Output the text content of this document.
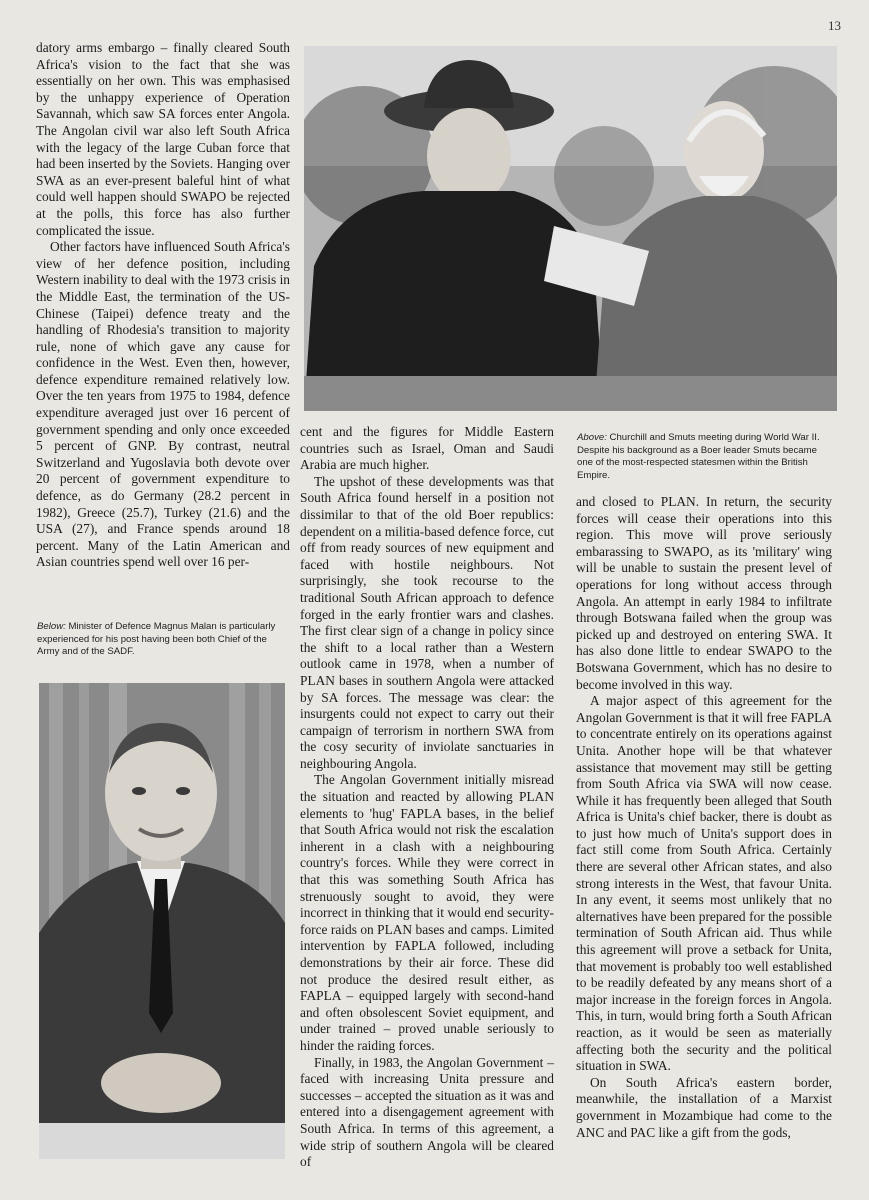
13

datory arms embargo – finally cleared South Africa's vision to the fact that she was essentially on her own. This was emphasised by the unhappy experience of Operation Savannah, which saw SA forces enter Angola. The Angolan civil war also left South Africa with the legacy of the large Cuban force that had been inserted by the Soviets. Hanging over SWA as an ever-present baleful hint of what could well happen should SWAPO be rejected at the polls, this force has also further complicated the issue.

Other factors have influenced South Africa's view of her defence position, including Western inability to deal with the 1973 crisis in the Middle East, the termination of the US-Chinese (Taipei) defence treaty and the handling of Rhodesia's transition to majority rule, none of which gave any cause for confidence in the West. Even then, however, defence expenditure remained relatively low. Over the ten years from 1975 to 1984, defence expenditure averaged just over 16 percent of government spending and only once exceeded 5 percent of GNP. By contrast, neutral Switzerland and Yugoslavia both devote over 20 percent of government expenditure to defence, as do Germany (28.2 percent in 1982), Greece (25.7), Turkey (21.6) and the USA (27), and France spends around 18 percent. Many of the Latin American and Asian countries spend well over 16 per-

Below: Minister of Defence Magnus Malan is particularly experienced for his post having been both Chief of the Army and of the SADF.
Above: Churchill and Smuts meeting during World War II. Despite his background as a Boer leader Smuts became one of the most-respected statesmen within the British Empire.

cent and the figures for Middle Eastern countries such as Israel, Oman and Saudi Arabia are much higher.

The upshot of these developments was that South Africa found herself in a position not dissimilar to that of the old Boer republics: dependent on a militia-based defence force, cut off from ready sources of new equipment and faced with hostile neighbours. Not surprisingly, she took recourse to the traditional South African approach to defence forged in the early frontier wars and clashes. The first clear sign of a change in policy since the shift to a local rather than a Western outlook came in 1978, when a number of PLAN bases in southern Angola were attacked by SA forces. The message was clear: the insurgents could not expect to carry out their campaign of terrorism in northern SWA from the cosy security of inviolate sanctuaries in neighbouring Angola.

The Angolan Government initially misread the situation and reacted by allowing PLAN elements to 'hug' FAPLA bases, in the belief that South Africa would not risk the escalation inherent in a clash with a neighbouring country's forces. While they were correct in that this was something South Africa has strenuously sought to avoid, they were incorrect in thinking that it would end security-force raids on PLAN bases and camps. Limited intervention by FAPLA followed, including demonstrations by their air force. These did not produce the desired result either, as FAPLA – equipped largely with second-hand and often obsolescent Soviet equipment, and under trained – proved unable seriously to hinder the raiding forces.

Finally, in 1983, the Angolan Government – faced with increasing Unita pressure and successes – accepted the situation as it was and entered into a disengagement agreement with South Africa. In terms of this agreement, a wide strip of southern Angola will be cleared of

and closed to PLAN. In return, the security forces will cease their operations into this region. This move will prove seriously embarassing to SWAPO, as its 'military' wing will be unable to sustain the present level of operations for long without access through Angola. An attempt in early 1984 to infiltrate through Botswana failed when the group was picked up and destroyed on entering SWA. It has also done little to endear SWAPO to the Botswana Government, which has no desire to become involved in this way.

A major aspect of this agreement for the Angolan Government is that it will free FAPLA to concentrate entirely on its operations against Unita. Another hope will be that whatever assistance that movement may still be getting from South Africa via SWA will now cease. While it has frequently been alleged that South Africa is Unita's chief backer, there is doubt as to just how much of Unita's support does in fact still come from South Africa. Certainly there are several other African states, and also strong interests in the West, that favour Unita. In any event, it seems most unlikely that no alternatives have been prepared for the possible termination of South African aid. Thus while this agreement will prove a setback for Unita, that movement is probably too well established to be readily defeated by any means short of a major increase in the foreign forces in Angola. This, in turn, would bring forth a South African reaction, as it would be seen as materially affecting both the security and the political situation in SWA.

On South Africa's eastern border, meanwhile, the installation of a Marxist government in Mozambique had come to the ANC and PAC like a gift from the gods,
